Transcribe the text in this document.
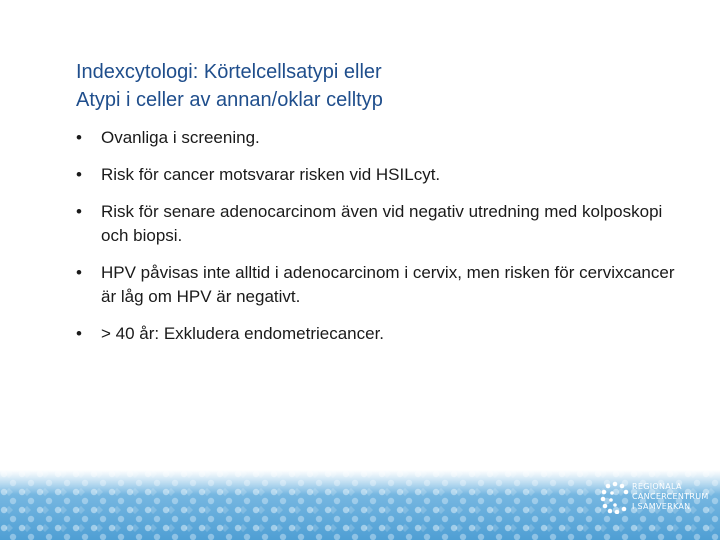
Indexcytologi: Körtelcellsatypi eller
Atypi i celler av annan/oklar celltyp
•	Ovanliga i screening.
•	Risk för cancer motsvarar risken vid HSILcyt.
•	Risk för senare adenocarcinom även vid negativ utredning med kolposkopi och biopsi.
•	HPV påvisas inte alltid i adenocarcinom i cervix, men risken för cervixcancer är låg om HPV är negativt.
•	> 40 år: Exkludera endometriecancer.
REGIONALA
CANCERCENTRUM
I SAMVERKAN
